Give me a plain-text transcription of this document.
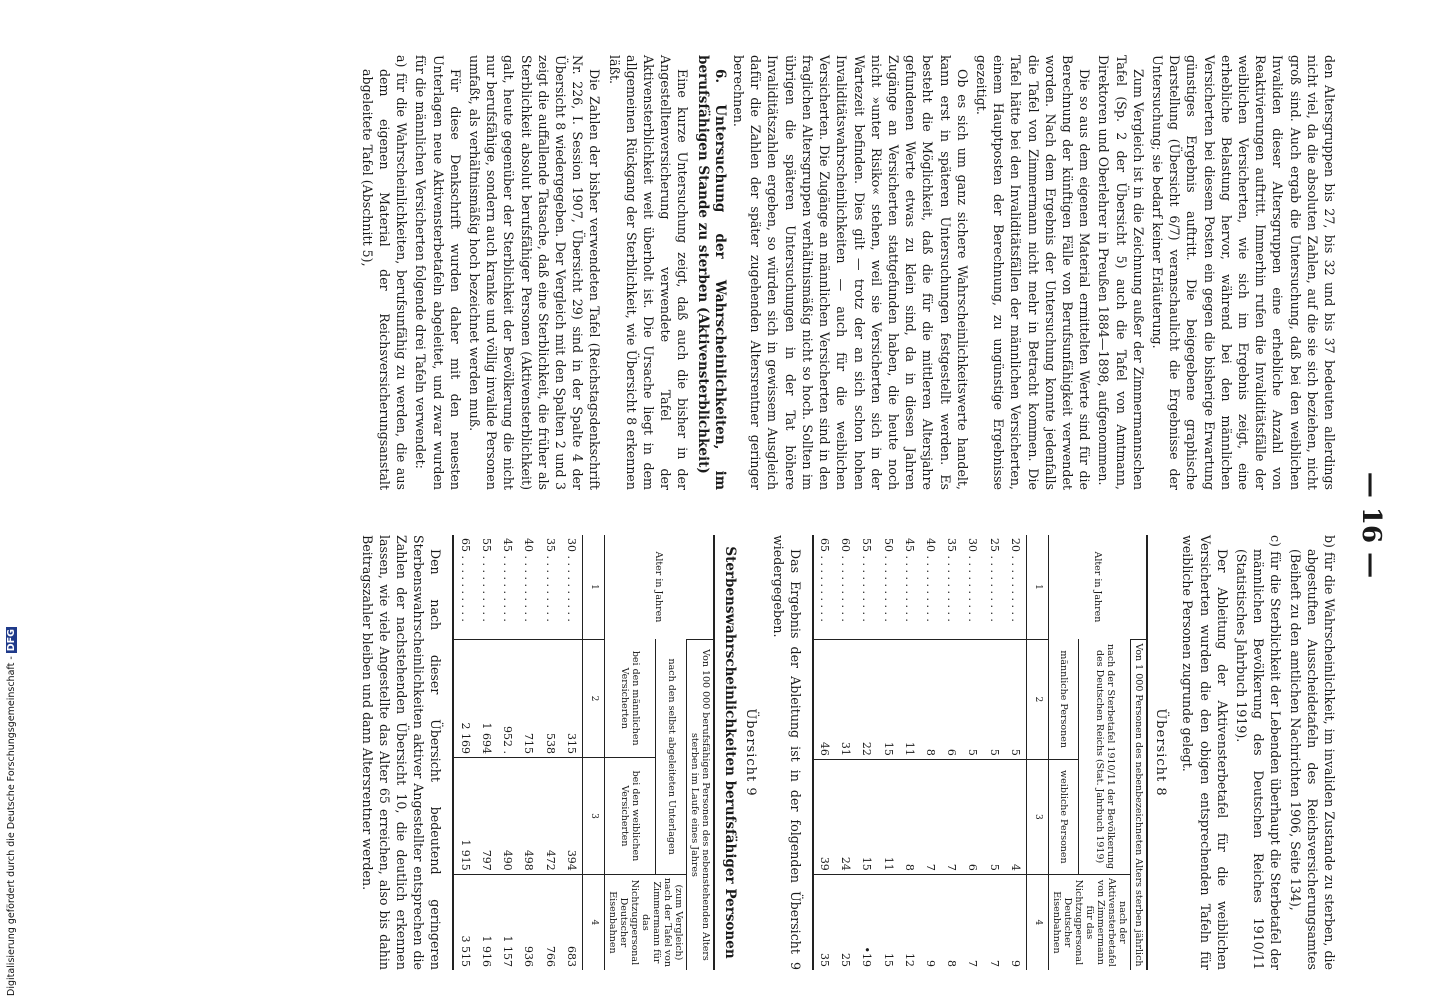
— 16 —

den Altersgruppen bis 27, bis 32 und bis 37 bedeuten allerdings nicht viel, da die absoluten Zahlen, auf die sie sich beziehen, nicht groß sind. Auch ergab die Untersuchung, daß bei den weiblichen Invaliden dieser Altersgruppen eine erhebliche Anzahl von Reaktivierungen auftritt. Immerhin rufen die Invaliditätsfälle der weiblichen Versicherten, wie sich im Ergebnis zeigt, eine erhebliche Belastung hervor, während bei den männlichen Versicherten bei diesem Posten ein gegen die bisherige Erwartung günstiges Ergebnis auftritt. Die beigegebene graphische Darstellung (Übersicht 6/7) veranschaulicht die Ergebnisse der Untersuchung; sie bedarf keiner Erläuterung.

Zum Vergleich ist in die Zeichnung außer der Zimmermannschen Tafel (Sp. 2 der Übersicht 5) auch die Tafel von Amtmann, Direktoren und Oberlehrer in Preußen 1884—1898, aufgenommen.

Die so aus dem eigenen Material ermittelten Werte sind für die Berechnung der künftigen Fälle von Berufsunfähigkeit verwendet worden. Nach dem Ergebnis der Untersuchung konnte jedenfalls die Tafel von Zimmermann nicht mehr in Betracht kommen. Die Tafel hätte bei den Invaliditätsfällen der männlichen Versicherten, einem Hauptposten der Berechnung, zu ungünstige Ergebnisse gezeitigt.

Ob es sich um ganz sichere Wahrscheinlichkeitswerte handelt, kann erst in späteren Untersuchungen festgestellt werden. Es besteht die Möglichkeit, daß die für die mittleren Altersjahre gefundenen Werte etwas zu klein sind, da in diesen Jahren Zugänge an Versicherten stattgefunden haben, die heute noch nicht »unter Risiko« stehen, weil sie Versicherten sich in der Wartezeit befinden. Dies gilt — trotz der an sich schon hohen Invaliditätswahrscheinlichkeiten — auch für die weiblichen Versicherten. Die Zugänge an männlichen Versicherten sind in den fraglichen Altersgruppen verhältnismäßig nicht so hoch. Sollten im übrigen die späteren Untersuchungen in der Tat höhere Invaliditätszahlen ergeben, so würden sich in gewissem Ausgleich dafür die Zahlen der später zugehenden Altersrentner geringer berechnen.

6. Untersuchung der Wahrscheinlichkeiten, im berufsfähigen Stande zu sterben (Aktivensterblichkeit)

Eine kurze Untersuchung zeigt, daß auch die bisher in der Angestelltenversicherung verwendete Tafel der Aktivensterblichkeit weit überholt ist. Die Ursache liegt in dem allgemeinen Rückgang der Sterblichkeit, wie Übersicht 8 erkennen läßt.

Die Zahlen der bisher verwendeten Tafel (Reichstagsdenkschrift Nr. 226, I. Session 1907, Übersicht 29) sind in der Spalte 4 der Übersicht 8 wiedergegeben. Der Vergleich mit den Spalten 2 und 3 zeigt die auffallende Tatsache, daß eine Sterblichkeit, die früher als Sterblichkeit absolut berufsfähiger Personen (Aktivensterblichkeit) galt, heute gegenüber der Sterblichkeit der Bevölkerung die nicht nur berufsfähige, sondern auch kranke und völlig invalide Personen umfaßt, als verhältnismäßig hoch bezeichnet werden muß.

Für diese Denkschrift wurden daher mit den neuesten Unterlagen neue Aktivensterbetafeln abgeleitet, und zwar wurden für die männlichen Versicherten folgende drei Tafeln verwendet:

a) für die Wahrscheinlichkeiten, berufsunfähig zu werden, die aus dem eigenen Material der Reichsversicherungsanstalt abgeleitete Tafel (Abschnitt 5),

b) für die Wahrscheinlichkeit, im invaliden Zustande zu sterben, die abgestuften Ausscheidetafeln des Reichsversicherungsamtes (Beiheft zu den amtlichen Nachrichten 1906, Seite 134),

c) für die Sterblichkeit der Lebenden überhaupt die Sterbetafel der männlichen Bevölkerung des Deutschen Reiches 1910/11 (Statistisches Jahrbuch 1919).

Der Ableitung der Aktivensterbetafel für die weiblichen Versicherten wurden die den obigen entsprechenden Tafeln für weibliche Personen zugrunde gelegt.

Übersicht 8
Alter in Jahren	Von 1 000 Personen des nebenbezeichneten Alters sterben jährlich		
	nach der Sterbetafel 1910/11 der Bevölkerung des Deutschen Reichs (Stat. Jahrbuch 1919)		nach der Aktivensterbetafel von Zimmermann für das Nichtzugpersonal Deutscher Eisenbahnen
	männliche Personen	weibliche Personen	
1	2	3	4
20 . . . . . . . . . .	5	4	9
25 . . . . . . . . . .	5	5	7
30 . . . . . . . . . .	5	6	7
35 . . . . . . . . . .	6	7	8
40 . . . . . . . . . .	8	7	9
45 . . . . . . . . . .	11	8	12
50 . . . . . . . . . .	15	11	15
55 . . . . . . . . . .	22	15	•19
60 . . . . . . . . . .	31	24	25
65 . . . . . . . . . .	46	39	35

Das Ergebnis der Ableitung ist in der folgenden Übersicht 9 wiedergegeben.

Übersicht 9
Sterbenswahrscheinlichkeiten berufsfähiger Personen
Alter in Jahren	Von 100 000 berufsfähigen Personen des nebenstehenden Alters sterben im Laufe eines Jahres		
	nach den selbst abgeleiteten Unterlagen		(zum Vergleich) nach der Tafel von Zimmermann für das Nichtzugpersonal Deutscher Eisenbahnen
	bei den männlichen Versicherten	bei den weiblichen Versicherten	
1	2	3	4
30 . . . . . . . . . .	315	394	683
35 . . . . . . . . . .	538	472	766
40 . . . . . . . . . .	715	498	936
45 . . . . . . . . . .	952 .	490	1 157
55 . . . . . . . . . .	1 694	797	1 916
65 . . . . . . . . . .	2 169	1 915	3 515

Den nach dieser Übersicht bedeutend geringeren Sterbenswahrscheinlichkeiten aktiver Angestellter entsprechen die Zahlen der nachstehenden Übersicht 10, die deutlich erkennen lassen, wie viele Angestellte das Alter 65 erreichen, also bis dahin Beitragszahler bleiben und dann Altersrentner werden.

Digitalisierung gefördert durch die Deutsche Forschungsgemeinschaft -DFG
